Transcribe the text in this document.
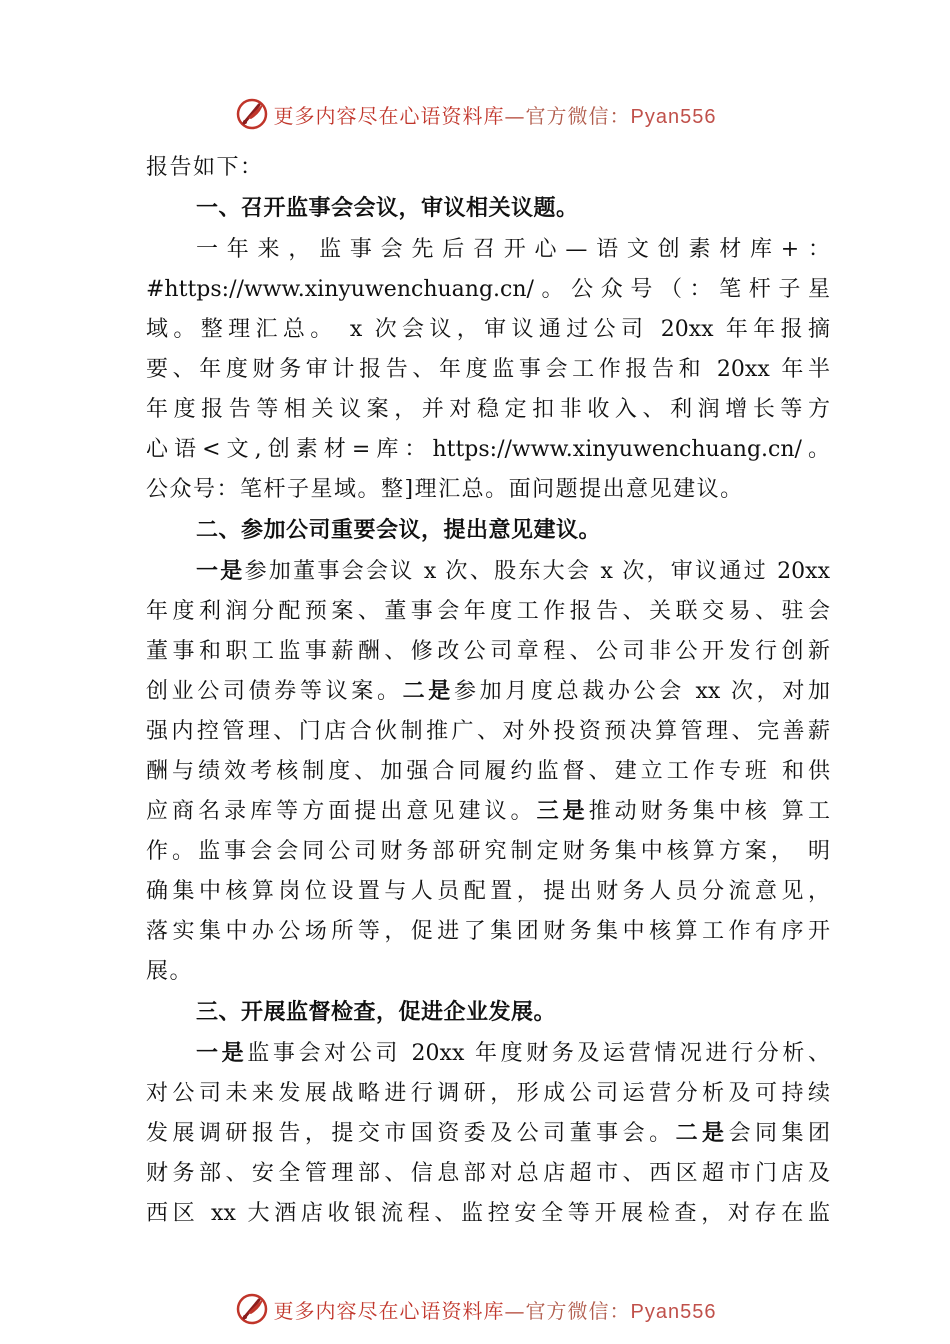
更多内容尽在心语资料库—官方微信：Pyan556
报告如下：
一、召开监事会会议，审议相关议题。
一年来，监事会先后召开心—语文创素材库+：
#https://www.xinyuwenchuang.cn/。公众号（：笔杆子星
域。整理汇总。 x 次会议，审议通过公司 20xx 年年报摘
要、年度财务审计报告、年度监事会工作报告和 20xx 年半
年度报告等相关议案，并对稳定扣非收入、利润增长等方
心语<文,创素材=库：https://www.xinyuwenchuang.cn/。
公众号：笔杆子星域。整]理汇总。面问题提出意见建议。
二、参加公司重要会议，提出意见建议。
一是参加董事会会议 x 次、股东大会 x 次，审议通过 20xx
年度利润分配预案、董事会年度工作报告、关联交易、驻会
董事和职工监事薪酬、修改公司章程、公司非公开发行创新
创业公司债券等议案。二是参加月度总裁办公会 xx 次，对加
强内控管理、门店合伙制推广、对外投资预决算管理、完善薪
酬与绩效考核制度、加强合同履约监督、建立工作专班 和供
应商名录库等方面提出意见建议。三是推动财务集中核 算工
作。监事会会同公司财务部研究制定财务集中核算方案， 明
确集中核算岗位设置与人员配置，提出财务人员分流意见，
落实集中办公场所等，促进了集团财务集中核算工作有序开
展。
三、开展监督检查，促进企业发展。
一是监事会对公司 20xx 年度财务及运营情况进行分析、
对公司未来发展战略进行调研，形成公司运营分析及可持续
发展调研报告，提交市国资委及公司董事会。二是会同集团
财务部、安全管理部、信息部对总店超市、西区超市门店及
西区 xx 大酒店收银流程、监控安全等开展检查，对存在监
更多内容尽在心语资料库—官方微信：Pyan556
